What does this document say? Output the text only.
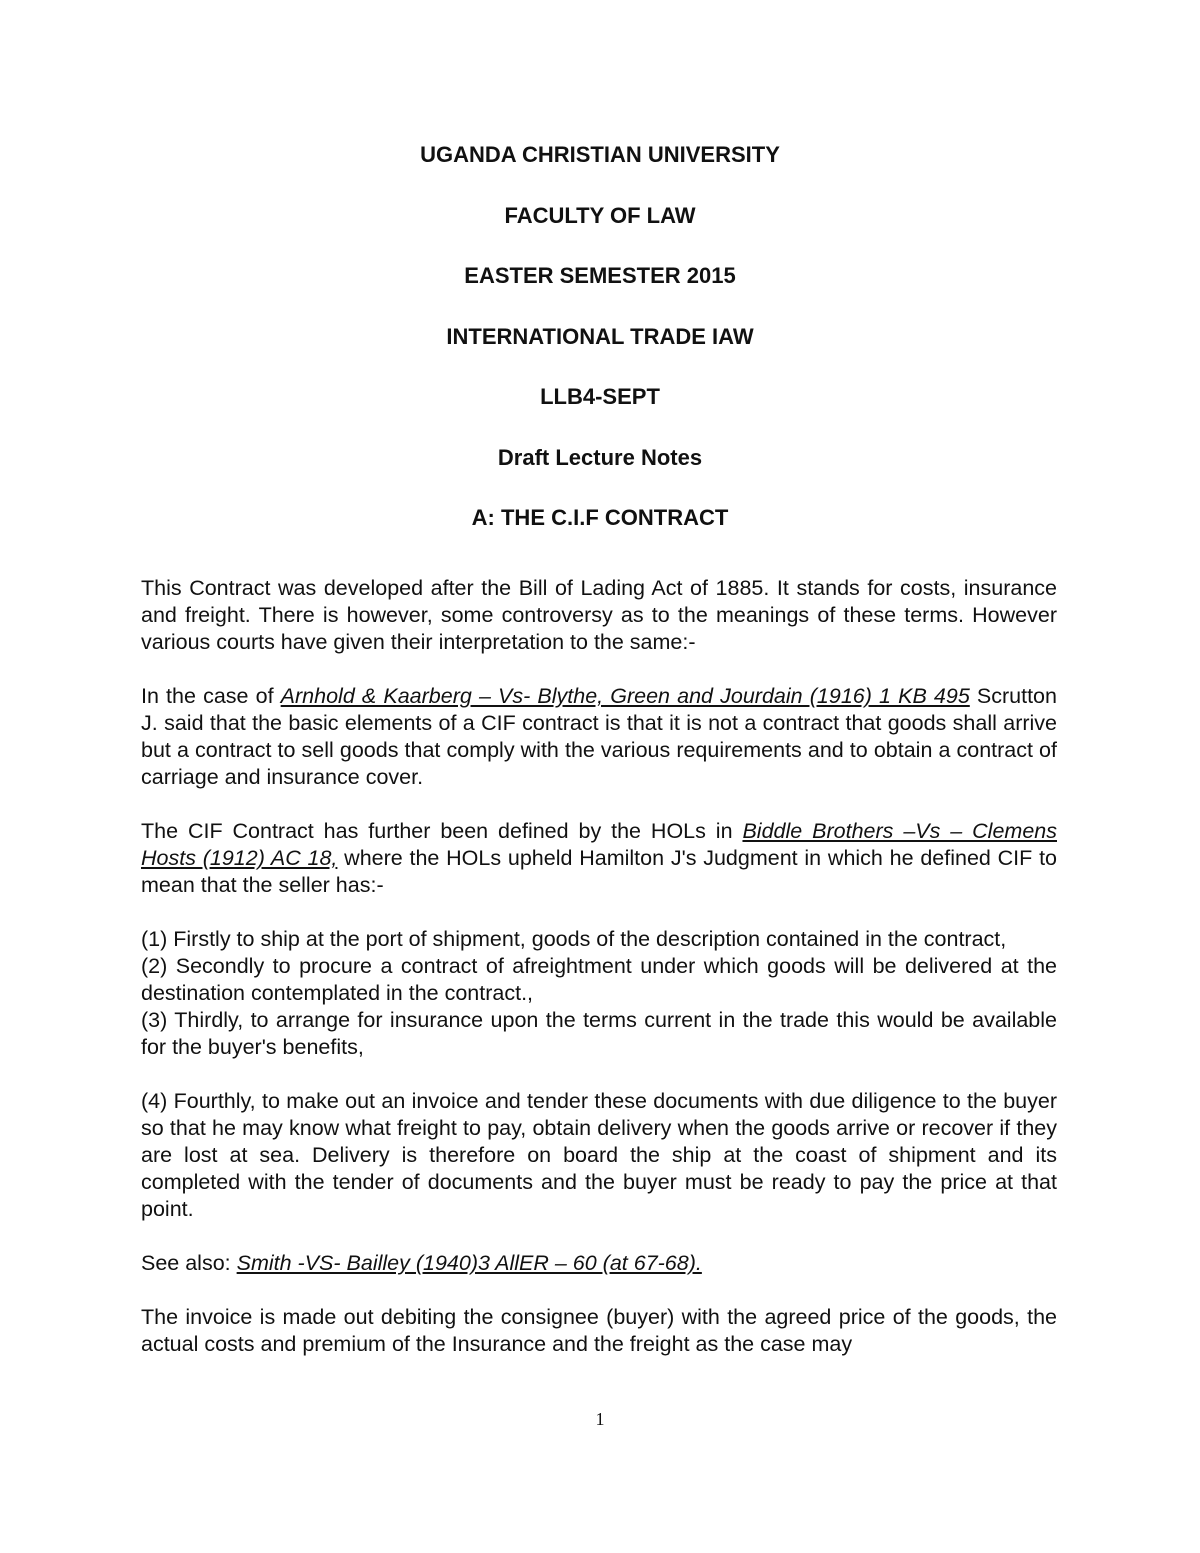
UGANDA CHRISTIAN UNIVERSITY
FACULTY OF LAW
EASTER SEMESTER 2015
INTERNATIONAL TRADE IAW
LLB4-SEPT
Draft Lecture Notes
A: THE C.I.F CONTRACT

This Contract was developed after the Bill of Lading Act of 1885. It stands for costs, insurance and freight. There is however, some controversy as to the meanings of these terms. However various courts have given their interpretation to the same:-

In the case of Arnhold & Kaarberg – Vs- Blythe, Green and Jourdain (1916) 1 KB 495 Scrutton J. said that the basic elements of a CIF contract is that it is not a contract that goods shall arrive but a contract to sell goods that comply with the various requirements and to obtain a contract of carriage and insurance cover.

The CIF Contract has further been defined by the HOLs in Biddle Brothers –Vs – Clemens Hosts (1912) AC 18, where the HOLs upheld Hamilton J's Judgment in which he defined CIF to mean that the seller has:-

(1) Firstly to ship at the port of shipment, goods of the description contained in the contract,

(2) Secondly to procure a contract of afreightment under which goods will be delivered at the destination contemplated in the contract.,

(3) Thirdly, to arrange for insurance upon the terms current in the trade this would be available for the buyer's benefits,

(4) Fourthly, to make out an invoice and tender these documents with due diligence to the buyer so that he may know what freight to pay, obtain delivery when the goods arrive or recover if they are lost at sea. Delivery is therefore on board the ship at the coast of shipment and its completed with the tender of documents and the buyer must be ready to pay the price at that point.

See also: Smith -VS- Bailley (1940)3 AllER – 60 (at 67-68).

The invoice is made out debiting the consignee (buyer) with the agreed price of the goods, the actual costs and premium of the Insurance and the freight as the case may

1
